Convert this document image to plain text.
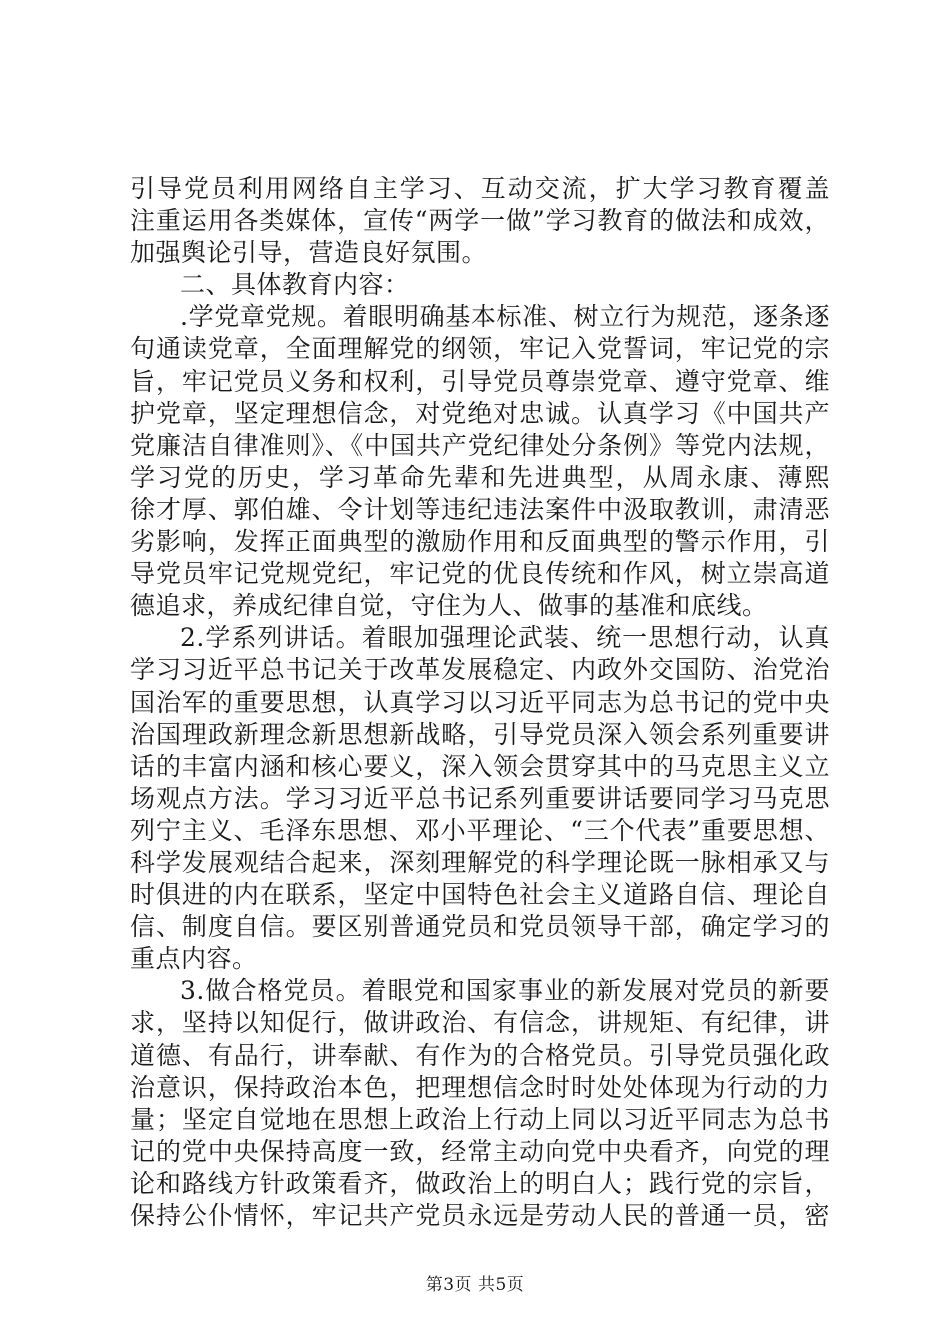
引导党员利用网络自主学习、互动交流，扩大学习教育覆盖
注重运用各类媒体，宣传“两学一做”学习教育的做法和成效，
加强舆论引导，营造良好氛围。
二、具体教育内容：
.学党章党规。着眼明确基本标准、树立行为规范，逐条逐
句通读党章，全面理解党的纲领，牢记入党誓词，牢记党的宗
旨，牢记党员义务和权利，引导党员尊崇党章、遵守党章、维
护党章，坚定理想信念，对党绝对忠诚。认真学习《中国共产
党廉洁自律准则》、《中国共产党纪律处分条例》等党内法规，
学习党的历史，学习革命先辈和先进典型，从周永康、薄熙
徐才厚、郭伯雄、令计划等违纪违法案件中汲取教训，肃清恶
劣影响，发挥正面典型的激励作用和反面典型的警示作用，引
导党员牢记党规党纪，牢记党的优良传统和作风，树立崇高道
德追求，养成纪律自觉，守住为人、做事的基准和底线。
2.学系列讲话。着眼加强理论武装、统一思想行动，认真
学习习近平总书记关于改革发展稳定、内政外交国防、治党治
国治军的重要思想，认真学习以习近平同志为总书记的党中央
治国理政新理念新思想新战略，引导党员深入领会系列重要讲
话的丰富内涵和核心要义，深入领会贯穿其中的马克思主义立
场观点方法。学习习近平总书记系列重要讲话要同学习马克思
列宁主义、毛泽东思想、邓小平理论、“三个代表”重要思想、
科学发展观结合起来，深刻理解党的科学理论既一脉相承又与
时俱进的内在联系，坚定中国特色社会主义道路自信、理论自
信、制度自信。要区别普通党员和党员领导干部，确定学习的
重点内容。
3.做合格党员。着眼党和国家事业的新发展对党员的新要
求，坚持以知促行，做讲政治、有信念，讲规矩、有纪律，讲
道德、有品行，讲奉献、有作为的合格党员。引导党员强化政
治意识，保持政治本色，把理想信念时时处处体现为行动的力
量；坚定自觉地在思想上政治上行动上同以习近平同志为总书
记的党中央保持高度一致，经常主动向党中央看齐，向党的理
论和路线方针政策看齐，做政治上的明白人；践行党的宗旨，
保持公仆情怀，牢记共产党员永远是劳动人民的普通一员，密
第3页 共5页
